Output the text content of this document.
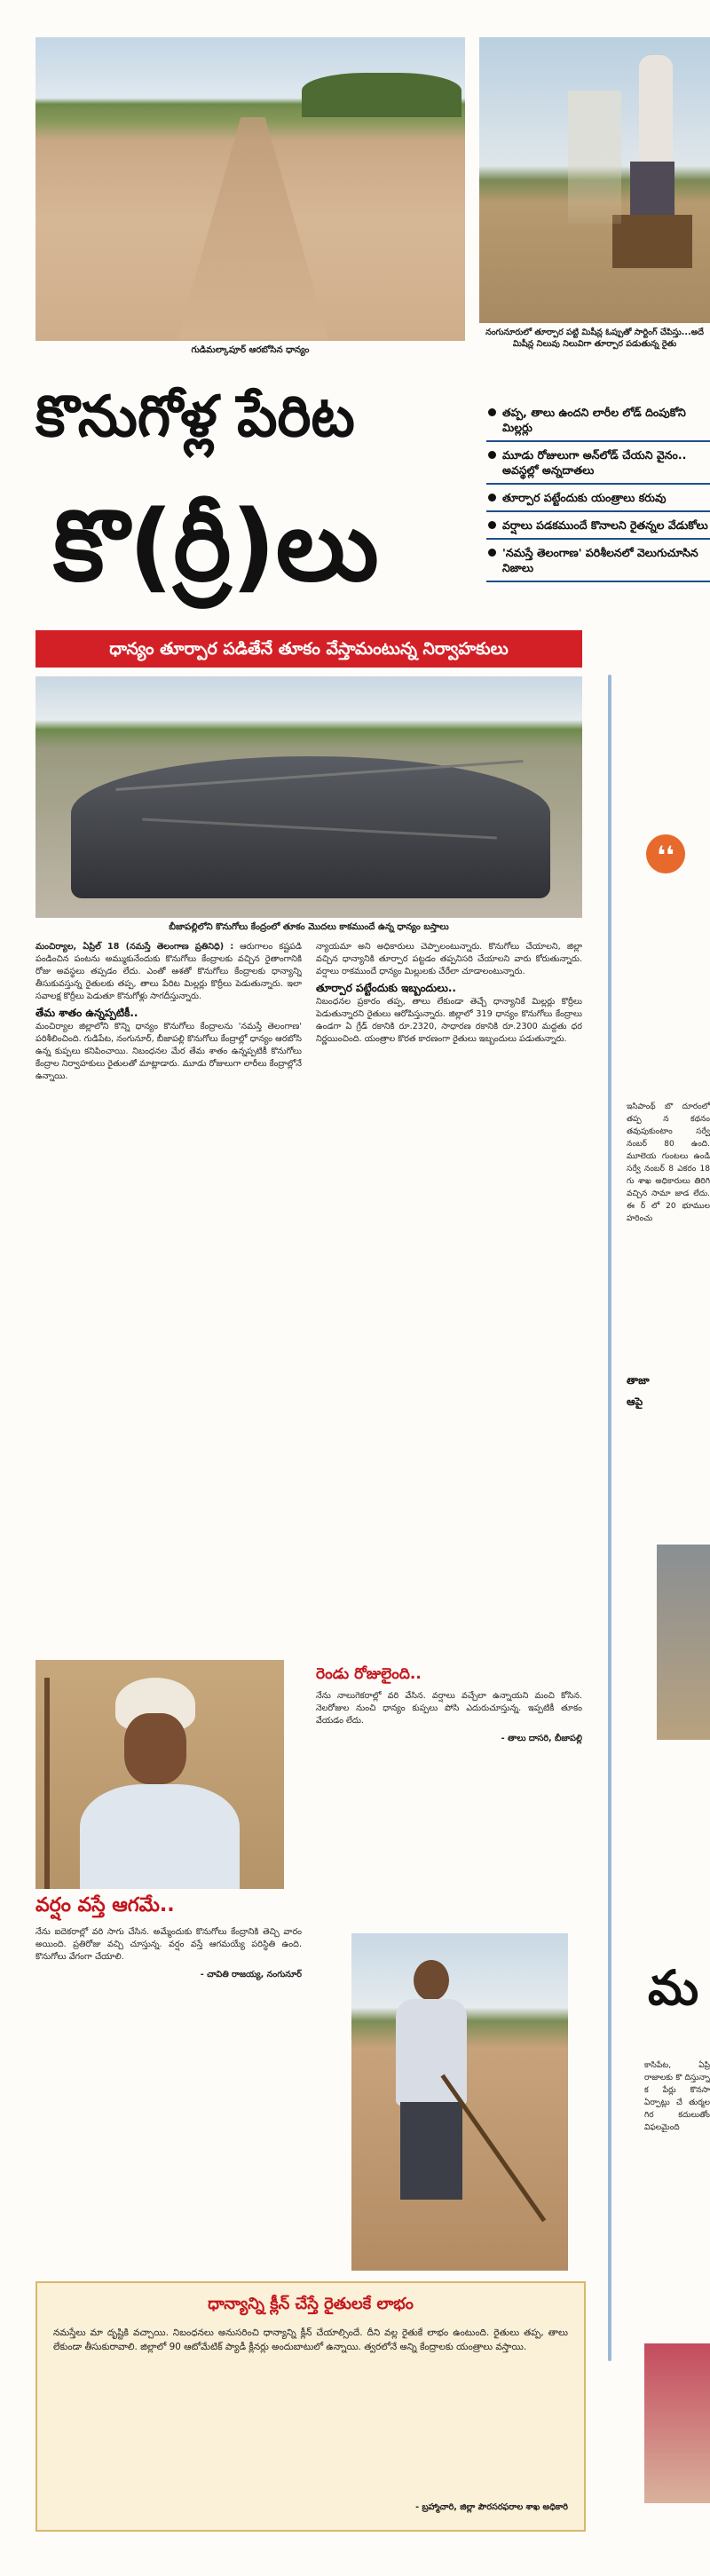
గుడిమల్కాపూర్ ఆరబోసిన ధాన్యం
నంగునూరులో తూర్పార పట్టి మిషీన్ల ఓప్పుతో సార్టింగ్‌ చేపిస్తు...అదే మిషీన్ల నిలువు నిలువిగా తూర్పార పడుతున్న రైతు
కొనుగోళ్ల పేరిట
కొ(ర్రీ)లు
తప్ప, తాలు ఉందని లారీల లోడ్ దింపుకోని మిల్లర్లు
మూడు రోజులుగా అన్‌లోడ్ చేయని వైనం.. అవస్థల్లో అన్నదాతలు
తూర్పార పట్టేందుకు యంత్రాలు కరువు
వర్షాలు పడకముందే కొనాలని రైతన్నల వేడుకోలు
'నమస్తే తెలంగాణ' పరిశీలనలో వెలుగుచూసిన నిజాలు
ధాన్యం తూర్పార పడితేనే తూకం వేస్తామంటున్న నిర్వాహకులు
బీజాపల్లిలోని కొనుగోలు కేంద్రంలో తూకం మొదలు కాకముందే ఉన్న ధాన్యం బస్తాలు
మంచిర్యాల, ఏప్రిల్ 18 (నమస్తే తెలంగాణ ప్రతినిధి) : ఆరుగాలం కష్టపడి పండించిన పంటను అమ్ముకునేందుకు కొనుగోలు కేంద్రాలకు వచ్చిన రైతాంగానికి రోజు అవస్థలు తప్పడం లేదు. ఎంతో ఆశతో కొనుగోలు కేంద్రాలకు ధాన్యాన్ని తీసుకువస్తున్న రైతులకు తప్ప, తాలు పేరిట మిల్లర్లు కొర్రీలు పెడుతున్నారు. ఇలా సవాలక్ష కొర్రీలు పెడుతూ కొనుగోళ్లు సాగదీస్తున్నారు.
తేమ శాతం ఉన్నప్పటికీ..
మంచిర్యాల జిల్లాలోని కొన్ని ధాన్యం కొనుగోలు కేంద్రాలను 'నమస్తే తెలంగాణ' పరిశీలించింది. గుడిపేట, నంగునూర్, బీజాపల్లి కొనుగోలు కేంద్రాల్లో ధాన్యం ఆరబోసి ఉన్న కుప్పలు కనిపించాయి. నిబంధనల మేర తేమ శాతం ఉన్నప్పటికీ కొనుగోలు కేంద్రాల నిర్వాహకులు రైతులతో మాట్లాడారు. మూడు రోజులుగా లారీలు కేంద్రాల్లోనే ఉన్నాయి.
న్యాయమా అని అధికారులు చెప్పాలంటున్నారు. కొనుగోలు చేయాలని, జిల్లా వచ్చిన ధాన్యానికి తూర్పార పట్టడం తప్పనిసరి చేయాలని వారు కోరుతున్నారు. వర్షాలు రాకముందే ధాన్యం మిల్లులకు చేరేలా చూడాలంటున్నారు.
తూర్పార పట్టేందుకు ఇబ్బందులు..
నిబంధనల ప్రకారం తప్ప, తాలు లేకుండా తెచ్చే ధాన్యానికే మిల్లర్లు కొర్రీలు పెడుతున్నారని రైతులు ఆరోపిస్తున్నారు. జిల్లాలో 319 ధాన్యం కొనుగోలు కేంద్రాలు ఉండగా ఏ గ్రేడ్ రకానికి రూ.2320, సాధారణ రకానికి రూ.2300 మద్దతు ధర నిర్ణయించింది. యంత్రాల కొరత కారణంగా రైతులు ఇబ్బందులు పడుతున్నారు.
రెండు రోజులైంది..
నేను నాలుగెకరాల్లో వరి వేసిన. వర్షాలు వచ్చేలా ఉన్నాయని మంచి కోసిన. నెలరోజుల నుంచి ధాన్యం కుప్పలు పోసి ఎదురుచూస్తున్న. ఇప్పటికీ తూకం వేయడం లేదు.
- తాలు దాసరి, బీజాపల్లి
వర్షం వస్తే ఆగమే..
నేను ఐదెకరాల్లో వరి సాగు చేసిన. అమ్మేందుకు కొనుగోలు కేంద్రానికి తెచ్చి వారం అయింది. ప్రతిరోజు వచ్చి చూస్తున్న. వర్షం వస్తే ఆగమయ్యే పరిస్థితి ఉంది. కొనుగోలు వేగంగా చేయాలి.
- చావితి రాజయ్య, నంగునూర్
ధాన్యాన్ని క్లీన్ చేస్తే రైతులకే లాభం
నమస్తేలు మా దృష్టికి వచ్చాయి. నిబంధనలు అనుసరించి ధాన్యాన్ని క్లీన్ చేయాల్సిందే. దీని వల్ల రైతుకే లాభం ఉంటుంది. రైతులు తప్ప, తాలు లేకుండా తీసుకురావాలి. జిల్లాలో 90 ఆటోమేటిక్ ప్యాడీ క్లీనర్లు అందుబాటులో ఉన్నాయి. త్వరలోనే అన్ని కేంద్రాలకు యంత్రాలు వస్తాయి.
- బ్రహ్మాచారి, జిల్లా పౌరసరఫరాల శాఖ అధికారి
❛❛
ఇసిపాంథ్ బొ దూరంలో తప్ప న కథనం తవుపుకుంటాం సర్వే నంబర్ 80 ఉంది. మూలెయ గుంటలు ఉండి సర్వే నంబర్ 8 ఎకరం 18 గు శాఖ అధికారులు తిరిగి వచ్చిన సామా జాడ లేదు. ఈ ర్ లో 20 భూముల హరించు
తాజా
ఆపై
మ
కాసిపేట, ఏప్రి రాజాలకు కొ దిస్తున్నా క పేర్లు కొనసా ఏర్పాట్లు చే తుర్మల గిర కదులుతోం విఫలమైంది
